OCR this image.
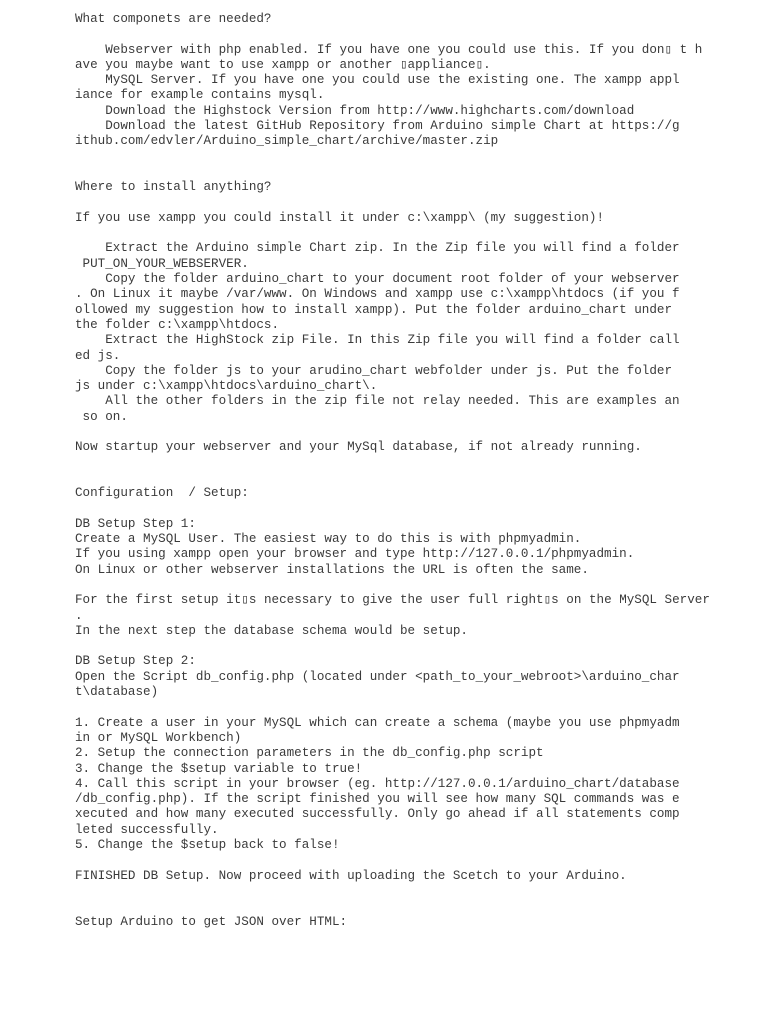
What componets are needed?
Webserver with php enabled. If you have one you could use this. If you don▯ t h
ave you maybe want to use xampp or another ▯appliance▯.
MySQL Server. If you have one you could use the existing one. The xampp appl
iance for example contains mysql.
Download the Highstock Version from http://www.highcharts.com/download
Download the latest GitHub Repository from Arduino simple Chart at https://g
ithub.com/edvler/Arduino_simple_chart/archive/master.zip
Where to install anything?
If you use xampp you could install it under c:\xampp\ (my suggestion)!
Extract the Arduino simple Chart zip. In the Zip file you will find a folder
PUT_ON_YOUR_WEBSERVER.
Copy the folder arduino_chart to your document root folder of your webserver
. On Linux it maybe /var/www. On Windows and xampp use c:\xampp\htdocs (if you f
ollowed my suggestion how to install xampp). Put the folder arduino_chart under
the folder c:\xampp\htdocs.
Extract the HighStock zip File. In this Zip file you will find a folder call
ed js.
Copy the folder js to your arudino_chart webfolder under js. Put the folder
js under c:\xampp\htdocs\arduino_chart\.
All the other folders in the zip file not relay needed. This are examples an
so on.
Now startup your webserver and your MySql database, if not already running.
Configuration  / Setup:
DB Setup Step 1:
Create a MySQL User. The easiest way to do this is with phpmyadmin.
If you using xampp open your browser and type http://127.0.0.1/phpmyadmin.
On Linux or other webserver installations the URL is often the same.
For the first setup it▯s necessary to give the user full right▯s on the MySQL Server
.
In the next step the database schema would be setup.
DB Setup Step 2:
Open the Script db_config.php (located under <path_to_your_webroot>\arduino_char
t\database)
1. Create a user in your MySQL which can create a schema (maybe you use phpmyadm
in or MySQL Workbench)
2. Setup the connection parameters in the db_config.php script
3. Change the $setup variable to true!
4. Call this script in your browser (eg. http://127.0.0.1/arduino_chart/database
/db_config.php). If the script finished you will see how many SQL commands was e
xecuted and how many executed successfully. Only go ahead if all statements comp
leted successfully.
5. Change the $setup back to false!
FINISHED DB Setup. Now proceed with uploading the Scetch to your Arduino.
Setup Arduino to get JSON over HTML:
